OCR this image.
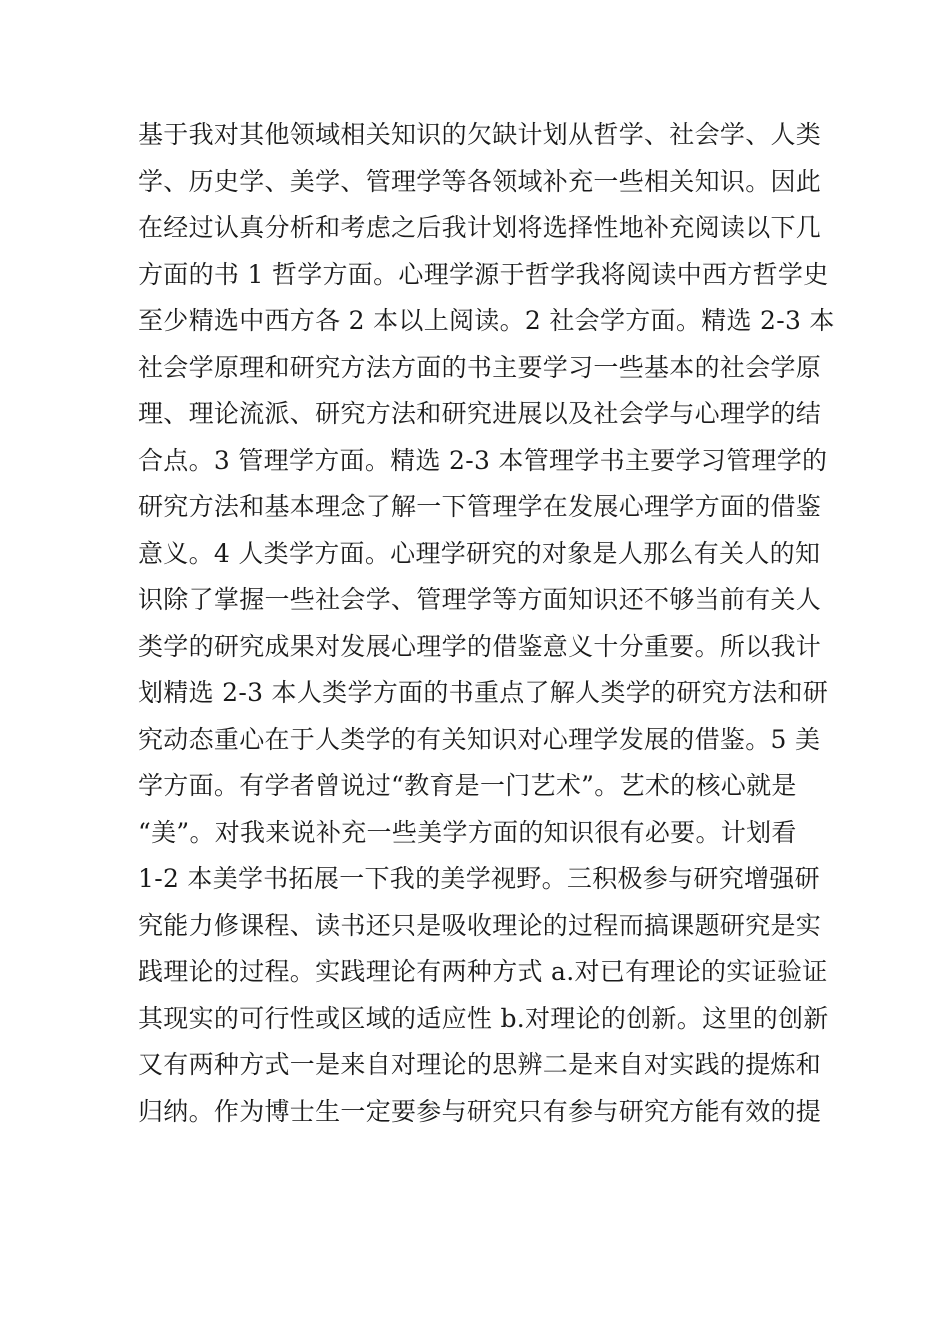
基于我对其他领域相关知识的欠缺计划从哲学、社会学、人类
学、历史学、美学、管理学等各领域补充一些相关知识。因此
在经过认真分析和考虑之后我计划将选择性地补充阅读以下几
方面的书 1 哲学方面。心理学源于哲学我将阅读中西方哲学史
至少精选中西方各 2 本以上阅读。2 社会学方面。精选 2-3 本
社会学原理和研究方法方面的书主要学习一些基本的社会学原
理、理论流派、研究方法和研究进展以及社会学与心理学的结
合点。3 管理学方面。精选 2-3 本管理学书主要学习管理学的
研究方法和基本理念了解一下管理学在发展心理学方面的借鉴
意义。4 人类学方面。心理学研究的对象是人那么有关人的知
识除了掌握一些社会学、管理学等方面知识还不够当前有关人
类学的研究成果对发展心理学的借鉴意义十分重要。所以我计
划精选 2-3 本人类学方面的书重点了解人类学的研究方法和研
究动态重心在于人类学的有关知识对心理学发展的借鉴。5 美
学方面。有学者曾说过“教育是一门艺术”。艺术的核心就是
“美”。对我来说补充一些美学方面的知识很有必要。计划看
1-2 本美学书拓展一下我的美学视野。三积极参与研究增强研
究能力修课程、读书还只是吸收理论的过程而搞课题研究是实
践理论的过程。实践理论有两种方式 a.对已有理论的实证验证
其现实的可行性或区域的适应性 b.对理论的创新。这里的创新
又有两种方式一是来自对理论的思辨二是来自对实践的提炼和
归纳。作为博士生一定要参与研究只有参与研究方能有效的提
